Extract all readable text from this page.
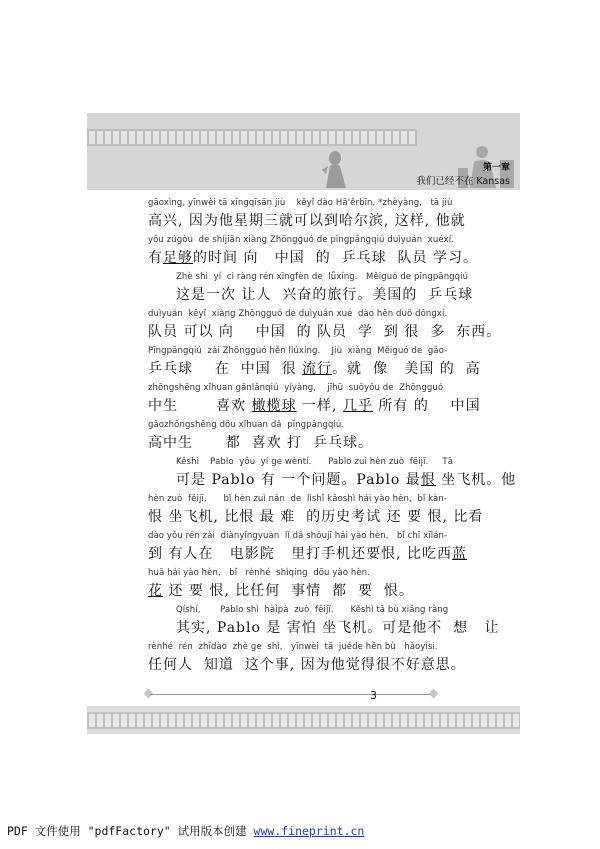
第一章
我们已经不在 Kansas
gāoxìng, yīnwèi tā xīngqīsān jiù    kěyǐ dào Hā'ěrbīn, *zhèyàng,   tā jiù
高兴, 因为他星期三就可以到哈尔滨, 这样, 他就
yǒu zúgòu  de shíjiān xiàng Zhōngguó de pīngpāngqiú duìyuán  xuéxí.
有足够的时间 向   中国  的  乒乓球  队员 学习。
Zhè shì  yí  cì ràng rén xīngfèn de  lǚxíng.   Měiguó de pīngpāngqiú
这是一次 让人  兴奋的旅行。美国的  乒乓球
duìyuán  kěyǐ  xiàng Zhōngguó de duìyuán xué  dào hěn duō dōngxi.
队员 可以 向    中国  的 队员  学  到 很  多  东西。
Pīngpāngqiú  zài Zhōngguó hěn liúxíng.    Jiù  xiàng  Měiguó de  gāo-
乒乓球    在  中国  很 流行。就  像   美国 的  高
zhōngshēng xǐhuan gǎnlǎnqiú  yíyàng,    jīhū  suǒyǒu de  Zhōngguó
中生       喜欢 橄榄球 一样, 几乎 所有 的    中国
gāozhōngshēng dōu xǐhuan dǎ  pīngpāngqiú.
高中生      都  喜欢 打  乒乓球。
Kěshì    Pablo  yǒu  yí ge wèntí.      Pablo zuì hèn zuò  fēijī.     Tā
可是 Pablo 有 一个问题。Pablo 最恨 坐飞机。他
hèn zuò  fēijī,      bǐ hèn zuì nán  de  lìshǐ kǎoshì hái yào hèn,  bǐ kàn-
恨 坐飞机, 比恨 最 难  的历史考试 还 要 恨, 比看
dào yǒu rén zài  diànyǐngyuàn  lǐ dǎ shǒujī hái yào hèn,   bǐ chī xīlán-
到 有人在   电影院   里打手机还要恨, 比吃西蓝
huā hái yào hèn,   bǐ   rènhé  shìqing  dōu yào hèn.
花 还 要 恨, 比任何  事情  都  要  恨。
Qíshí,       Pablo shì  hàipà  zuò  fēijī.      Kěshì tā bù xiǎng ràng
其实, Pablo 是 害怕 坐飞机。可是他不  想   让
rènhé  rén  zhīdào  zhè ge  shì,   yīnwèi  tā  juéde hěn bù   hǎoyìsi.
任何人  知道  这个事, 因为他觉得很不好意思。
3
PDF 文件使用 "pdfFactory" 试用版本创建 www.fineprint.cn
